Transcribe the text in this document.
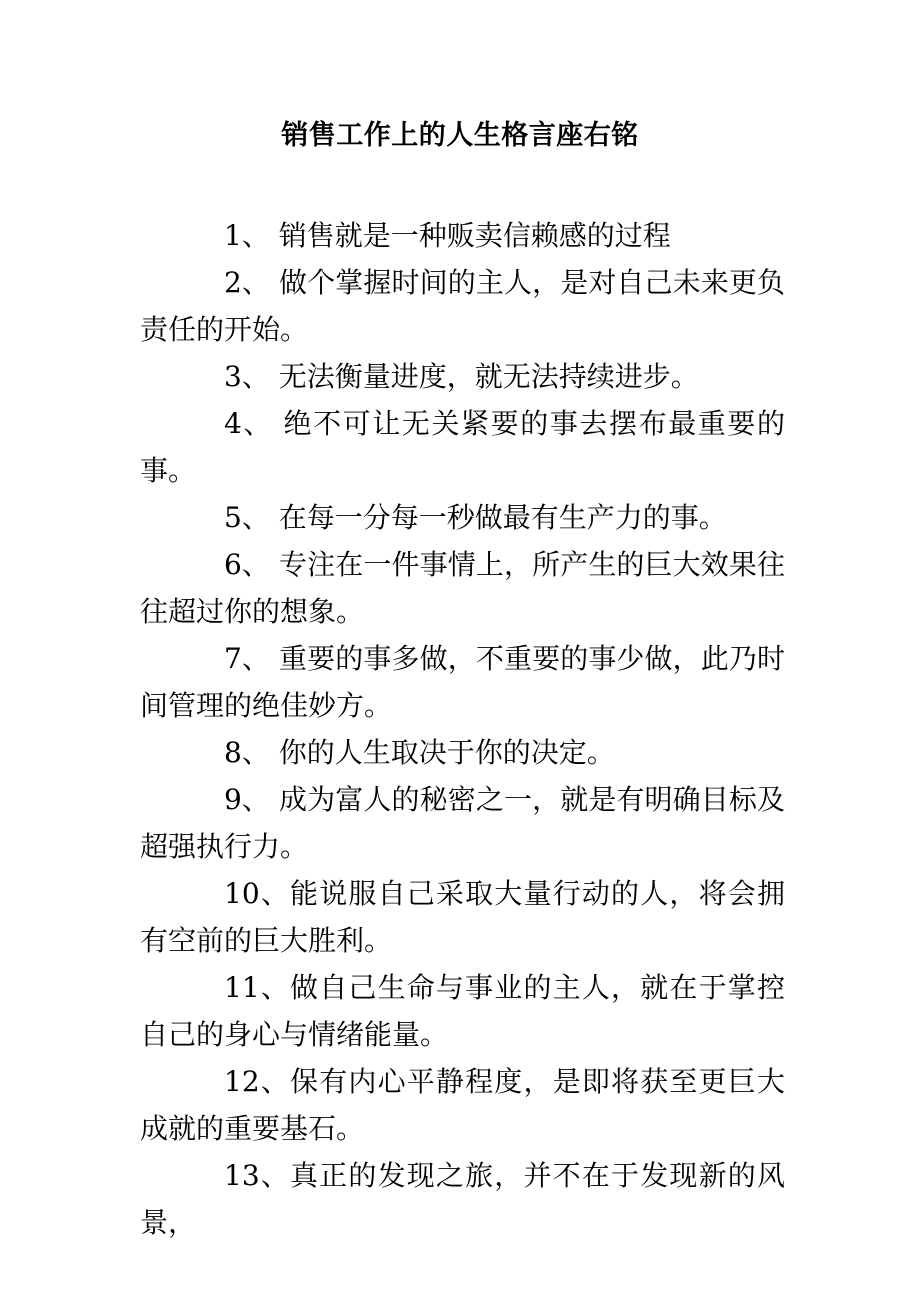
销售工作上的人生格言座右铭

1、 销售就是一种贩卖信赖感的过程

2、 做个掌握时间的主人，是对自己未来更负责任的开始。

3、 无法衡量进度，就无法持续进步。

4、 绝不可让无关紧要的事去摆布最重要的事。

5、 在每一分每一秒做最有生产力的事。

6、 专注在一件事情上，所产生的巨大效果往往超过你的想象。

7、 重要的事多做，不重要的事少做，此乃时间管理的绝佳妙方。

8、 你的人生取决于你的决定。

9、 成为富人的秘密之一，就是有明确目标及超强执行力。

10、能说服自己采取大量行动的人，将会拥有空前的巨大胜利。

11、做自己生命与事业的主人，就在于掌控自己的身心与情绪能量。

12、保有内心平静程度，是即将获至更巨大成就的重要基石。

13、真正的发现之旅，并不在于发现新的风景，
